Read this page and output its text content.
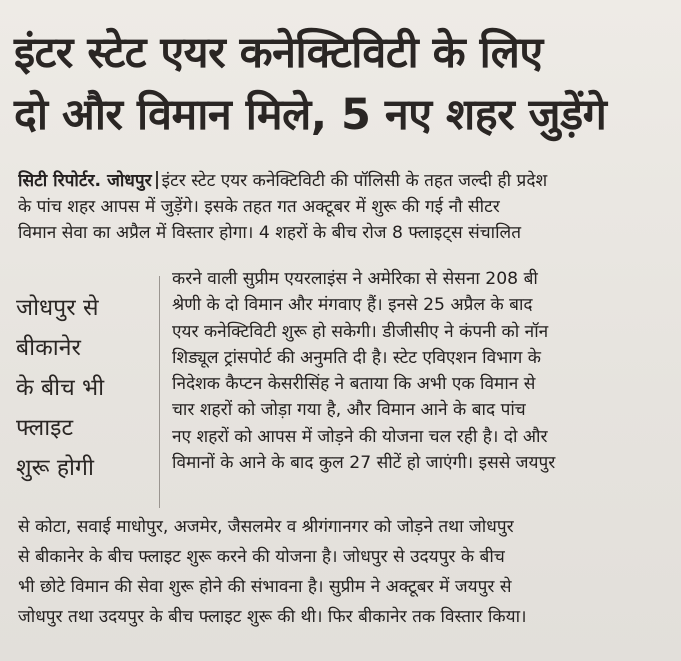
इंटर स्टेट एयर कनेक्टिविटी के लिए
दो और विमान मिले, 5 नए शहर जुड़ेंगे
सिटी रिपोर्टर. जोधपुर इंटर स्टेट एयर कनेक्टिविटी की पॉलिसी के तहत जल्दी ही प्रदेश
के पांच शहर आपस में जुड़ेंगे। इसके तहत गत अक्टूबर में शुरू की गई नौ सीटर
विमान सेवा का अप्रैल में विस्तार होगा। 4 शहरों के बीच रोज 8 फ्लाइट्स संचालित
जोधपुर से
बीकानेर
के बीच भी
फ्लाइट
शुरू होगी
करने वाली सुप्रीम एयरलाइंस ने अमेरिका से सेसना 208 बी
श्रेणी के दो विमान और मंगवाए हैं। इनसे 25 अप्रैल के बाद
एयर कनेक्टिविटी शुरू हो सकेगी। डीजीसीए ने कंपनी को नॉन
शिड्यूल ट्रांसपोर्ट की अनुमति दी है। स्टेट एविएशन विभाग के
निदेशक कैप्टन केसरीसिंह ने बताया कि अभी एक विमान से
चार शहरों को जोड़ा गया है, और विमान आने के बाद पांच
नए शहरों को आपस में जोड़ने की योजना चल रही है। दो और
विमानों के आने के बाद कुल 27 सीटें हो जाएंगी। इससे जयपुर
से कोटा, सवाई माधोपुर, अजमेर, जैसलमेर व श्रीगंगानगर को जोड़ने तथा जोधपुर
से बीकानेर के बीच फ्लाइट शुरू करने की योजना है। जोधपुर से उदयपुर के बीच
भी छोटे विमान की सेवा शुरू होने की संभावना है। सुप्रीम ने अक्टूबर में जयपुर से
जोधपुर तथा उदयपुर के बीच फ्लाइट शुरू की थी। फिर बीकानेर तक विस्तार किया।
